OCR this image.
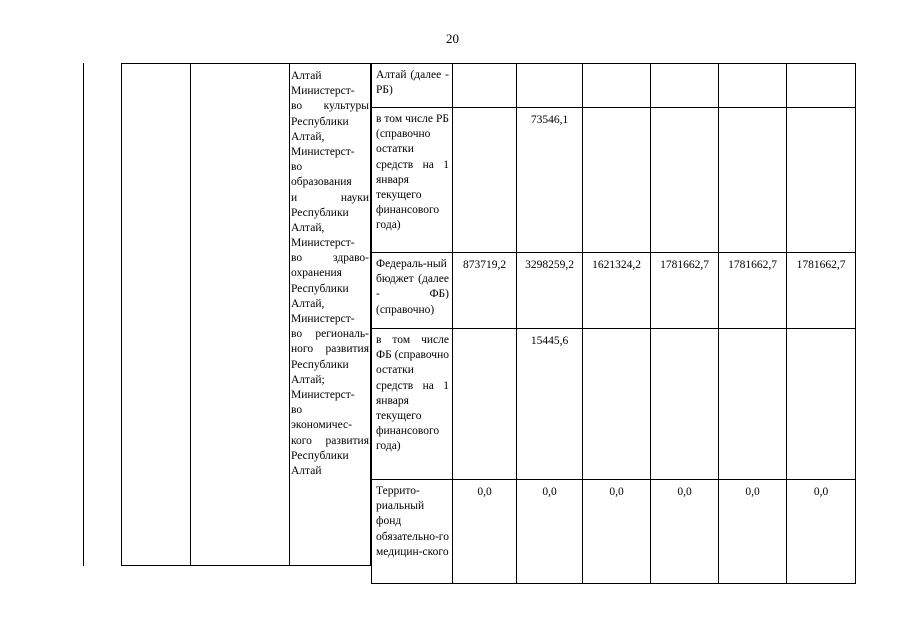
20

Алтай
Министерст-
во культуры
Республики
Алтай,
Министерст-
во
образования
и науки
Республики
Алтай,
Министерст-
во здраво-
охранения
Республики
Алтай,
Министерст-
во региональ-
ного развития
Республики
Алтай;
Министерст-
во
экономичес-
кого развития
Республики
Алтай
Алтай (далее - РБ)						

в том числе РБ (справочно остатки средств на 1 января текущего финансового года)		73546,1				

Федераль-ный бюджет (далее - ФБ) (справочно)	873719,2	3298259,2	1621324,2	1781662,7	1781662,7	1781662,7

в том числе ФБ (справочно остатки средств на 1 января текущего финансового года)		15445,6				

Террито-риальный фонд обязательно-го медицин-ского	0,0	0,0	0,0	0,0	0,0	0,0
